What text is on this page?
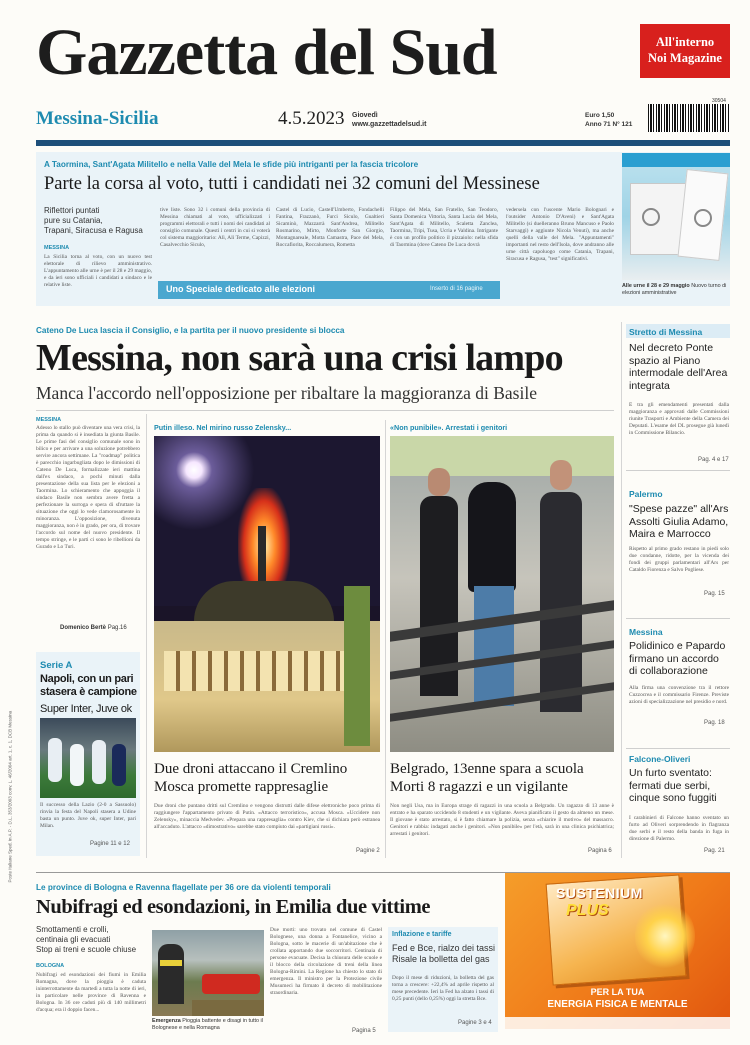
Gazzetta del Sud	All'interno
Noi Magazine
Messina-Sicilia	4.5.2023 Giovedì
www.gazzettadelsud.it
Euro 1,50
Anno 71 N° 121
30504
A Taormina, Sant'Agata Militello e nella Valle del Mela le sfide più intriganti per la fascia tricolore
Parte la corsa al voto, tutti i candidati nei 32 comuni del Messinese
Riflettori puntati
pure su Catania,
Trapani, Siracusa e Ragusa
MESSINA
La Sicilia torna al voto, con un nuovo test elettorale di rilievo amministrativo. L'appuntamento alle urne è per il 28 e 29 maggio, e da ieri sono ufficiali i candidati a sindaco e le relative liste.
tive liste. Sono 32 i comuni della provincia di Messina chiamati al voto, ufficializzati i programmi elettorali e tutti i nomi dei candidati al consiglio comunale. Questi i centri in cui si voterà col sistema maggioritario: Alì, Alì Terme, Capizzi, Casalvecchio Siculo,
Castel di Lucio, Castell'Umberto, Fondachelli Fantina, Frazzanò, Furci Siculo, Gualtieri Sicaminò, Mazzarrà Sant'Andrea, Militello Rosmarino, Mirto, Monforte San Giorgio, Montagnareale, Motta Camastra, Pace del Mela, Roccafiorita, Roccalumera, Rometta
Filippo del Mela, San Fratello, San Teodoro, Santa Domenica Vittoria, Santa Lucia del Mela, Sant'Agata di Militello, Scaletta Zanclea, Taormina, Tripi, Tusa, Ucria e Valdina. Intrigante è con un profilo politico il pizzaiolo: nella sfida di Taormina (dove Cateno De Luca dovrà
vedersela con l'uscente Mario Bolognari e l'outsider Antonio D'Aveni) e Sant'Agata Militello (si duelleranno Bruno Mancuso e Paolo Starvaggi) e aggiunte Nicola Venuti), ma anche quelli della valle del Mela. "Appuntamenti" importanti nel resto dell'Isola, dove andranno alle urne città capoluogo come Catania, Trapani, Siracusa e Ragusa, "test" significativi.
Uno Speciale dedicato alle elezioni	Inserto di 16 pagine	Alle urne il 28 e 29 maggio Nuovo turno di elezioni amministrative
Cateno De Luca lascia il Consiglio, e la partita per il nuovo presidente si blocca
Messina, non sarà una crisi lampo
Manca l'accordo nell'opposizione per ribaltare la maggioranza di Basile
MESSINA
Adesso lo stallo può diventare una vera crisi, la prima da quando si è insediata la giunta Basile. Le prime fasi del consiglio comunale sono in bilico e per arrivare a una soluzione potrebbero servire ancora settimane. La "roadmap" politica è parecchio ingarbugliata dopo le dimissioni di Cateno De Luca, formalizzate ieri mattina dall'ex sindaco, a pochi minuti dalla presentazione della sua lista per le elezioni a Taormina. Lo schieramento che appoggia il sindaco Basile non sembra avere fretta a perfezionare la surroga e spera di sfruttare la situazione che oggi lo vede clamorosamente in minoranza. L'opposizione, divenuta maggioranza, non è in grado, per ora, di trovare l'accordo sul nome del nuovo presidente. Il tempo stringe, e le parti ci sono le ribellioni da Gurado e Lo Turi.
Domenico Bertè Pag.16
Putin illeso. Nel mirino russo Zelensky...
Due droni attaccano il Cremlino
Mosca promette rappresaglie
Due droni che puntano dritti sul Cremlino e vengono distrutti dalle difese elettroniche poco prima di raggiungere l'appartamento privato di Putin. «Attacco terroristico», accusa Mosca. «Uccidere non Zelensky», minaccia Medvedev. «Prepara una rappresaglia» contro Kiev, che si dichiara però estranea all'accaduto. L'attacco «dimostrativo» sarebbe stato compiuto dai «partigiani russi».
Pagine 2
«Non punibile». Arrestati i genitori
Belgrado, 13enne spara a scuola
Morti 8 ragazzi e un vigilante
Non negli Usa, ma in Europa strage di ragazzi in una scuola a Belgrado. Un ragazzo di 13 anne è entrato e ha sparato uccidendo 8 studenti e un vigilante. Aveva pianificato il gesto da almeno un mese. Il giovane è stato arrestato, si è fatto chiamare la polizia, senza «chiarire il motivo» del massacro. Genitori e rabbia: indagati anche i genitori. «Non punibile» per l'età, sarà in una clinica psichiatrica; arrestati i genitori.
Pagina 6
Serie A
Napoli, con un pari stasera è campione
Super Inter, Juve ok
Il successo della Lazio (2-0 a Sassuolo) rinvia la festa del Napoli stasera a Udine basta un punto. Juve ok, super Inter, pari Milan.
Pagine 11 e 12
Stretto di Messina
Nel decreto Ponte spazio al Piano intermodale dell'Area integrata
È tra gli emendamenti presentati dalla maggioranza e approvati dalle Commissioni riunite Trasporti e Ambiente della Camera dei Deputati. L'esame del DL prosegue già lunedì in Commissione Bilancio.
Pag. 4 e 17
Palermo
"Spese pazze" all'Ars Assolti Giulia Adamo, Maira e Marrocco
Rispetto al primo grado restano in piedi solo due condanne, ridotte, per la vicenda dei fondi dei gruppi parlamentari all'Ars per Cataldo Fiorenza e Salvo Pogliese.
Pag. 15
Messina
Polidinico e Papardo firmano un accordo di collaborazione
Alla firma una convenzione tra il rettore Cuzzocrea e il commissario Firenze. Previste azioni di specializzazione nel presidio e nord.
Pag. 18
Falcone-Oliveri
Un furto sventato: fermati due serbi, cinque sono fuggiti
I carabinieri di Falcone hanno sventato un furto ad Oliveri sorprendendo in flagranza due serbi e il resto della banda in fuga in direzione di Palermo.
Pag. 21
Le province di Bologna e Ravenna flagellate per 36 ore da violenti temporali
Nubifragi ed esondazioni, in Emilia due vittime
Smottamenti e crolli,
centinaia gli evacuati
Stop ai treni e scuole chiuse
BOLOGNA
Nubifragi ed esondazioni dei fiumi in Emilia Romagna, dove la pioggia è caduta ininterrottamente da martedì a tutta la notte di ieri, in particolare nelle province di Ravenna e Bologna. In 36 ore caduti più di 140 millimetri d'acqua; era il doppio facen...
Emergenza Pioggia battente e disagi in tutto il Bolognese e nella Romagna
Due morti: uno trovato nel comune di Castel Bolognese, una donna a Fontanelice, vicino a Bologna, sotto le macerie di un'abitazione che è crollata apportando due soccorritori. Centinaia di persone evacuate. Decisa la chiusura delle scuole e il blocco della circolazione di treni della linea Bologna-Rimini. La Regione ha chiesto lo stato di emergenza. Il ministro per la Protezione civile Musumeci ha firmato il decreto di mobilitazione straordinaria.
Pagina 5
Inflazione e tariffe
Fed e Bce, rialzo dei tassi Risale la bolletta del gas
Dopo il mese di riduzioni, la bolletta del gas torna a crescere: +22,4% ad aprile rispetto al mese precedente. Ieri la Fed ha alzato i tassi di 0,25 punti (dello 0,25%) oggi la stretta Bce.
Pagine 3 e 4
SUSTENIUM
PLUS
PER LA TUA
ENERGIA FISICA E MENTALE
Poste Italiane Sped. in A.P. - D.L. 353/2003 conv. L. 46/2004 art. 1, c. 1, DCB Messina
